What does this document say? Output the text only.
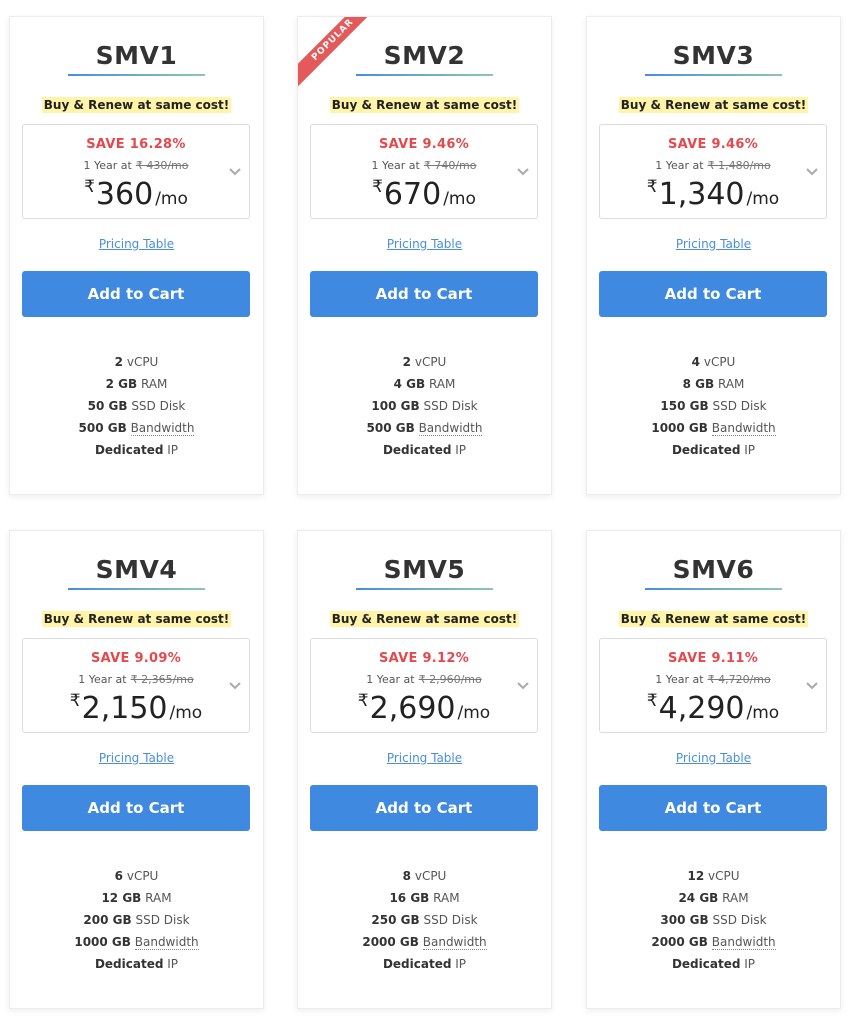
SMV1
Buy & Renew at same cost!
SAVE 16.28%
1 Year at ₹ 430/mo
₹360 /mo
Pricing Table
Add to Cart
2 vCPU
2 GB RAM
50 GB SSD Disk
500 GB Bandwidth
Dedicated IP
POPULAR	SMV2
Buy & Renew at same cost!
SAVE 9.46%
1 Year at ₹ 740/mo
₹670 /mo
Pricing Table
Add to Cart
2 vCPU
4 GB RAM
100 GB SSD Disk
500 GB Bandwidth
Dedicated IP
SMV3
Buy & Renew at same cost!
SAVE 9.46%
1 Year at ₹ 1,480/mo
₹1,340 /mo
Pricing Table
Add to Cart
4 vCPU
8 GB RAM
150 GB SSD Disk
1000 GB Bandwidth
Dedicated IP
SMV4
Buy & Renew at same cost!
SAVE 9.09%
1 Year at ₹ 2,365/mo
₹2,150 /mo
Pricing Table
Add to Cart
6 vCPU
12 GB RAM
200 GB SSD Disk
1000 GB Bandwidth
Dedicated IP
SMV5
Buy & Renew at same cost!
SAVE 9.12%
1 Year at ₹ 2,960/mo
₹2,690 /mo
Pricing Table
Add to Cart
8 vCPU
16 GB RAM
250 GB SSD Disk
2000 GB Bandwidth
Dedicated IP
SMV6
Buy & Renew at same cost!
SAVE 9.11%
1 Year at ₹ 4,720/mo
₹4,290 /mo
Pricing Table
Add to Cart
12 vCPU
24 GB RAM
300 GB SSD Disk
2000 GB Bandwidth
Dedicated IP
